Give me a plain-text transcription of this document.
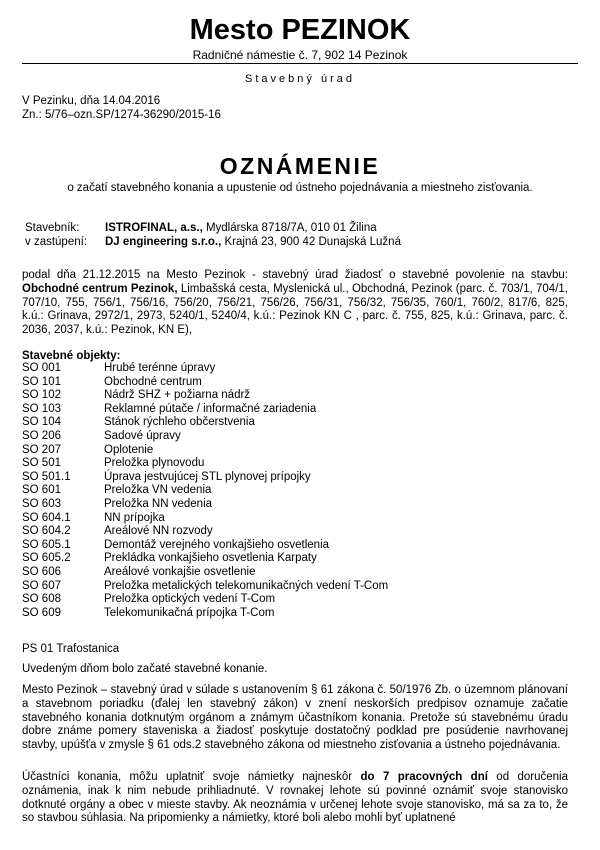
Mesto PEZINOK
Radničné námestie č. 7, 902 14 Pezinok
Stavebný úrad
V Pezinku, dňa 14.04.2016
Zn.: 5/76–ozn.SP/1274-36290/2015-16
OZNÁMENIE
o začatí stavebného konania a upustenie od ústneho pojednávania a miestneho zisťovania.
Stavebník: ISTROFINAL, a.s., Mydlárska 8718/7A, 010 01 Žilina
v zastúpení: DJ engineering s.r.o., Krajná 23, 900 42 Dunajská Lužná
podal dňa 21.12.2015 na Mesto Pezinok - stavebný úrad žiadosť o stavebné povolenie na stavbu: Obchodné centrum Pezinok, Limbašská cesta, Myslenická ul., Obchodná, Pezinok (parc. č. 703/1, 704/1, 707/10, 755, 756/1, 756/16, 756/20, 756/21, 756/26, 756/31, 756/32, 756/35, 760/1, 760/2, 817/6, 825, k.ú.: Grinava, 2972/1, 2973, 5240/1, 5240/4, k.ú.: Pezinok KN C , parc. č. 755, 825, k.ú.: Grinava, parc. č. 2036, 2037, k.ú.: Pezinok, KN E),
Stavebné objekty:
SO 001	Hrubé terénne úpravy
SO 101	Obchodné centrum
SO 102	Nádrž SHZ + požiarna nádrž
SO 103	Reklamné pútače / informačné zariadenia
SO 104	Stánok rýchleho občerstvenia
SO 206	Sadové úpravy
SO 207	Oplotenie
SO 501	Preložka plynovodu
SO 501.1	Úprava jestvujúcej STL plynovej prípojky
SO 601	Preložka VN vedenia
SO 603	Preložka NN vedenia
SO 604.1	NN prípojka
SO 604.2	Areálové NN rozvody
SO 605.1	Demontáž verejného vonkajšieho osvetlenia
SO 605.2	Prekládka vonkajšieho osvetlenia Karpaty
SO 606	Areálové vonkajšie osvetlenie
SO 607	Preložka metalických telekomunikačných vedení T-Com
SO 608	Preložka optických vedení T-Com
SO 609	Telekomunikačná prípojka T-Com
PS 01 Trafostanica
Uvedeným dňom bolo začaté stavebné konanie.
Mesto Pezinok – stavebný úrad v súlade s ustanovením § 61 zákona č. 50/1976 Zb. o územnom plánovaní a stavebnom poriadku (ďalej len stavebný zákon) v znení neskorších predpisov oznamuje začatie stavebného konania dotknutým orgánom a známym účastníkom konania. Pretože sú stavebnému úradu dobre známe pomery staveniska a žiadosť poskytuje dostatočný podklad pre posúdenie navrhovanej stavby, upúšťa v zmysle § 61 ods.2 stavebného zákona od miestneho zisťovania a ústneho pojednávania.
Účastníci konania, môžu uplatniť svoje námietky najneskôr do 7 pracovných dní od doručenia oznámenia, inak k nim nebude prihliadnuté. V rovnakej lehote sú povinné oznámiť svoje stanovisko dotknuté orgány a obec v mieste stavby. Ak neoznámia v určenej lehote svoje stanovisko, má sa za to, že so stavbou súhlasia. Na pripomienky a námietky, ktoré boli alebo mohli byť uplatnené
